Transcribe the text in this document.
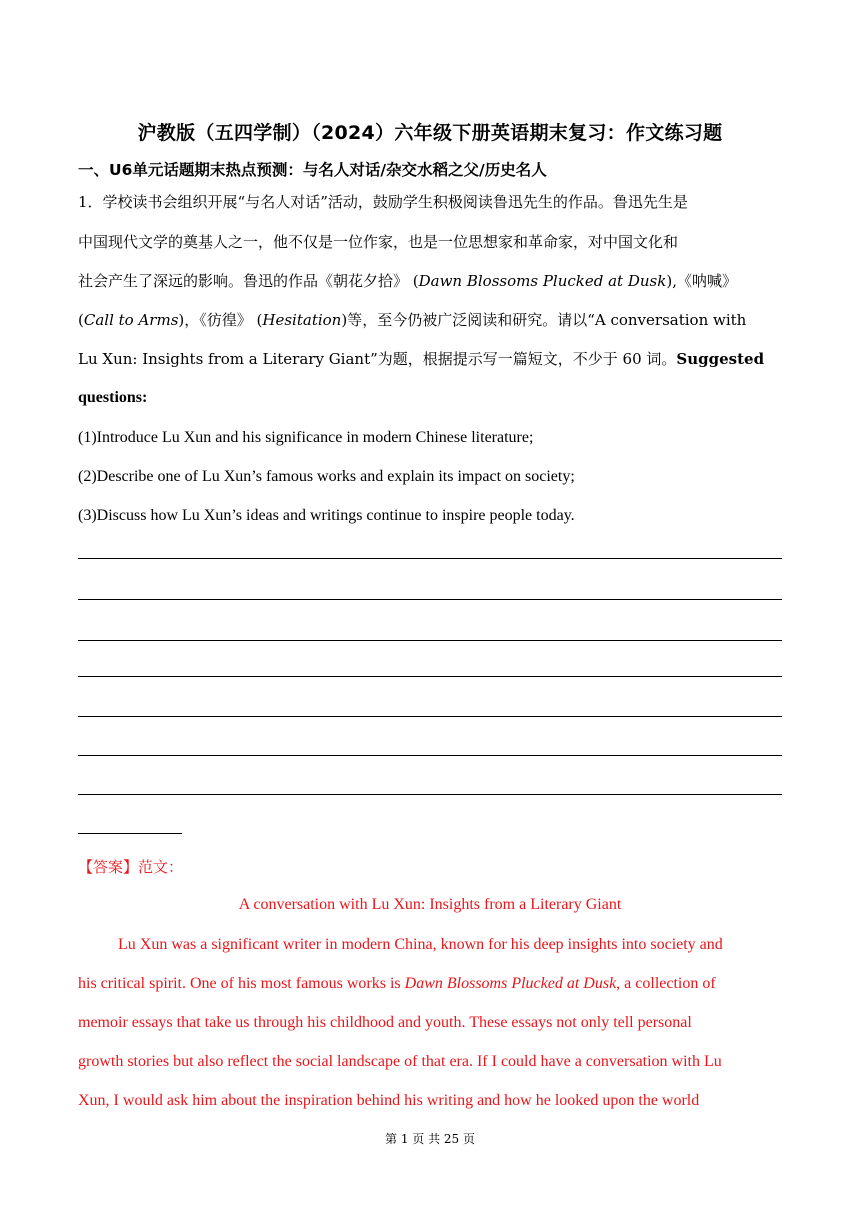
沪教版（五四学制）（2024）六年级下册英语期末复习：作文练习题
一、U6单元话题期末热点预测：与名人对话/杂交水稻之父/历史名人
1．学校读书会组织开展“与名人对话”活动，鼓励学生积极阅读鲁迅先生的作品。鲁迅先生是
中国现代文学的奠基人之一，他不仅是一位作家，也是一位思想家和革命家，对中国文化和
社会产生了深远的影响。鲁迅的作品《朝花夕拾》 (Dawn Blossoms Plucked at Dusk),《呐喊》
(Call to Arms)，《彷徨》 (Hesitation)等，至今仍被广泛阅读和研究。请以“A conversation with
Lu Xun: Insights from a Literary Giant”为题，根据提示写一篇短文，不少于 60 词。Suggested
questions:
(1)Introduce Lu Xun and his significance in modern Chinese literature;
(2)Describe one of Lu Xun’s famous works and explain its impact on society;
(3)Discuss how Lu Xun’s ideas and writings continue to inspire people today.
【答案】范文：
A conversation with Lu Xun: Insights from a Literary Giant
Lu Xun was a significant writer in modern China, known for his deep insights into society and
his critical spirit. One of his most famous works is Dawn Blossoms Plucked at Dusk, a collection of
memoir essays that take us through his childhood and youth. These essays not only tell personal
growth stories but also reflect the social landscape of that era. If I could have a conversation with Lu
Xun, I would ask him about the inspiration behind his writing and how he looked upon the world
第 1 页 共 25 页
